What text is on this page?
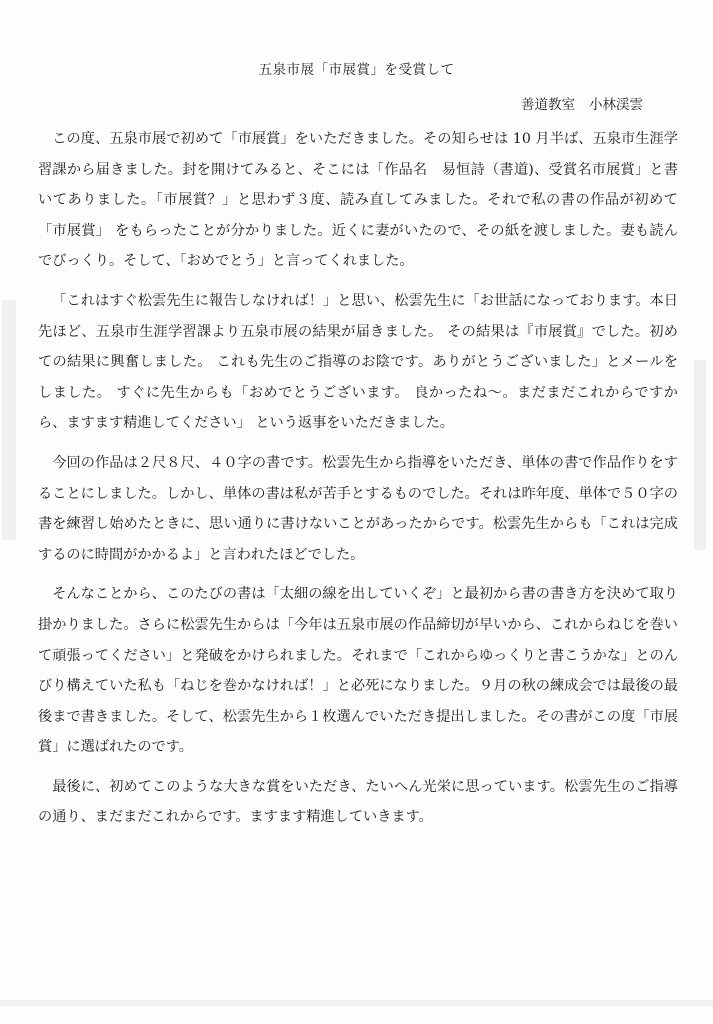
五泉市展「市展賞」を受賞して
善道教室 小林渓雲

この度、五泉市展で初めて「市展賞」をいただきました。その知らせは 10 月半ば、五泉市生涯学習課から届きました。封を開けてみると、そこには「作品名　易恒詩（書道)、受賞名市展賞」と書いてありました。「市展賞？」と思わず３度、読み直してみました。それで私の書の作品が初めて「市展賞」 をもらったことが分かりました。近くに妻がいたので、その紙を渡しました。妻も読んでびっくり。そして、「おめでとう」と言ってくれました。

「これはすぐ松雲先生に報告しなければ！」と思い、松雲先生に「お世話になっております。本日先ほど、五泉市生涯学習課より五泉市展の結果が届きました。 その結果は『市展賞』でした。初めての結果に興奮しました。 これも先生のご指導のお陰です。ありがとうございました」とメールをしました。 すぐに先生からも「おめでとうございます。 良かったね～。まだまだこれからですから、ますます精進してください」 という返事をいただきました。

今回の作品は２尺８尺、４０字の書です。松雲先生から指導をいただき、単体の書で作品作りをすることにしました。しかし、単体の書は私が苦手とするものでした。それは昨年度、単体で５０字の書を練習し始めたときに、思い通りに書けないことがあったからです。松雲先生からも「これは完成するのに時間がかかるよ」と言われたほどでした。

そんなことから、このたびの書は「太細の線を出していくぞ」と最初から書の書き方を決めて取り掛かりました。さらに松雲先生からは「今年は五泉市展の作品締切が早いから、これからねじを巻いて頑張ってください」と発破をかけられました。それまで「これからゆっくりと書こうかな」とのんびり構えていた私も「ねじを巻かなければ！」と必死になりました。９月の秋の練成会では最後の最後まで書きました。そして、松雲先生から１枚選んでいただき提出しました。その書がこの度「市展賞」に選ばれたのです。

最後に、初めてこのような大きな賞をいただき、たいへん光栄に思っています。松雲先生のご指導の通り、まだまだこれからです。ますます精進していきます。
